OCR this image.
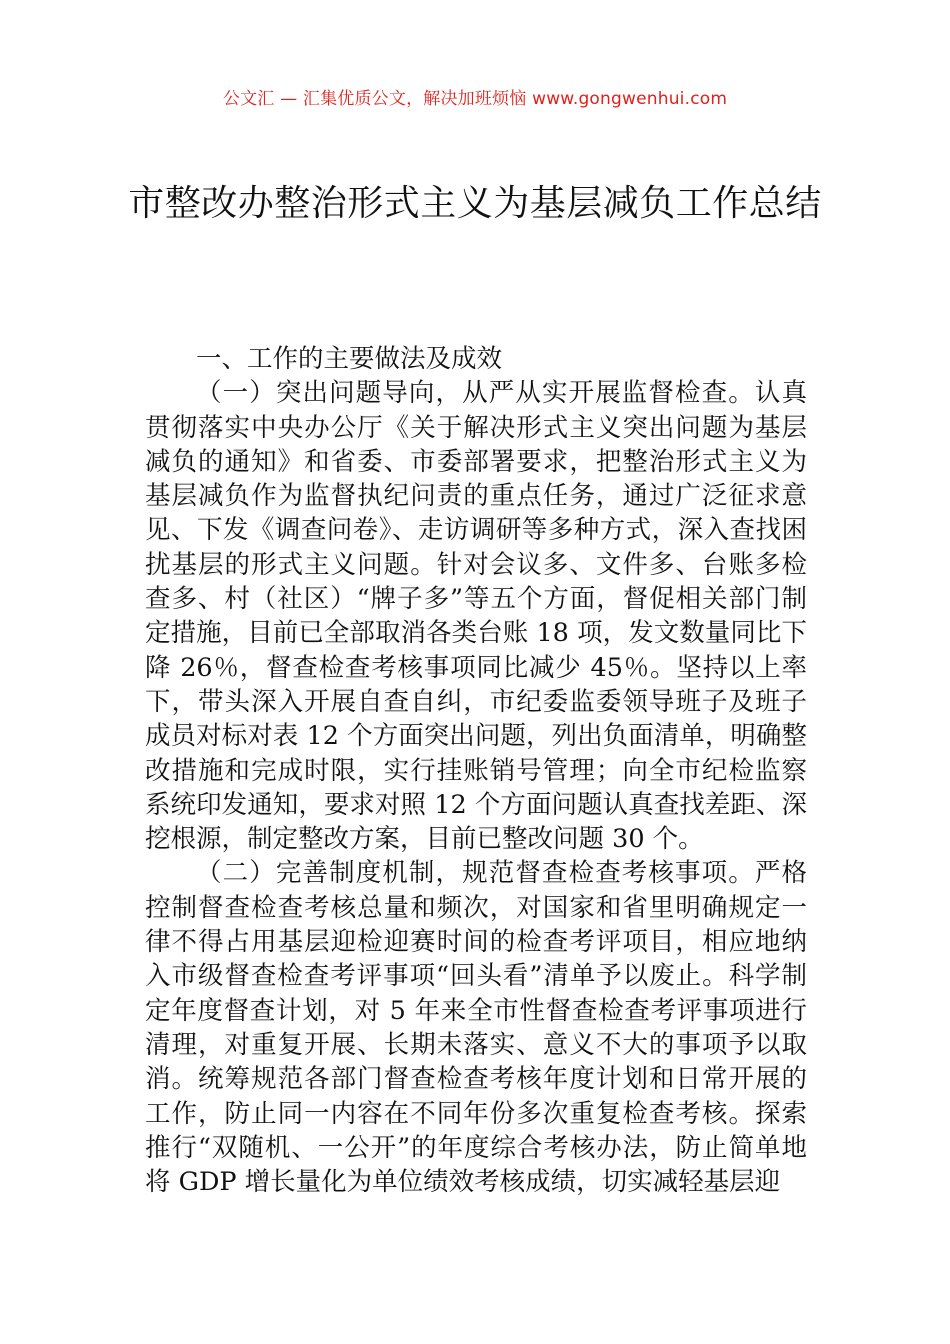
公文汇 — 汇集优质公文，解决加班烦恼 www.gongwenhui.com
市整改办整治形式主义为基层减负工作总结

一、工作的主要做法及成效

（一）突出问题导向，从严从实开展监督检查。认真贯彻落实中央办公厅《关于解决形式主义突出问题为基层减负的通知》和省委、市委部署要求，把整治形式主义为基层减负作为监督执纪问责的重点任务，通过广泛征求意见、下发《调查问卷》、走访调研等多种方式，深入查找困扰基层的形式主义问题。针对会议多、文件多、台账多检查多、村（社区）“牌子多”等五个方面，督促相关部门制定措施，目前已全部取消各类台账 18 项，发文数量同比下降 26％，督查检查考核事项同比减少 45％。坚持以上率下，带头深入开展自查自纠，市纪委监委领导班子及班子成员对标对表 12 个方面突出问题，列出负面清单，明确整改措施和完成时限，实行挂账销号管理；向全市纪检监察系统印发通知，要求对照 12 个方面问题认真查找差距、深挖根源，制定整改方案，目前已整改问题 30 个。

（二）完善制度机制，规范督查检查考核事项。严格控制督查检查考核总量和频次，对国家和省里明确规定一律不得占用基层迎检迎赛时间的检查考评项目，相应地纳入市级督查检查考评事项“回头看”清单予以废止。科学制定年度督查计划，对 5 年来全市性督查检查考评事项进行清理，对重复开展、长期未落实、意义不大的事项予以取消。统筹规范各部门督查检查考核年度计划和日常开展的工作，防止同一内容在不同年份多次重复检查考核。探索推行“双随机、一公开”的年度综合考核办法，防止简单地将 GDP 增长量化为单位绩效考核成绩，切实减轻基层迎
